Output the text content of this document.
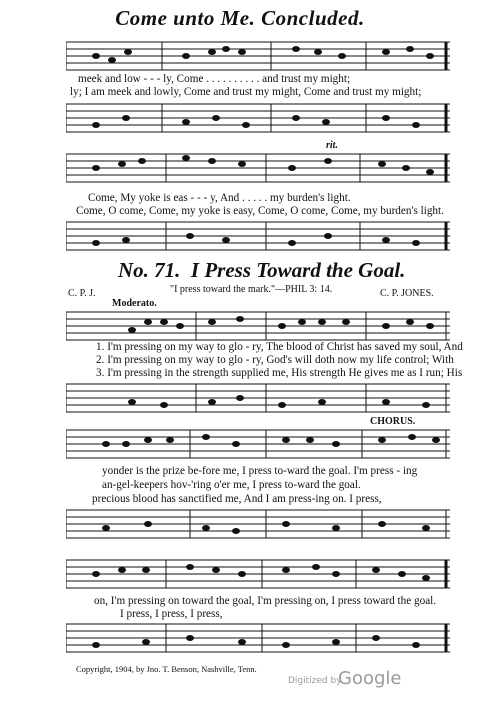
Come unto Me. Concluded.
meek and low - - - ly, Come . . . . . . . . . . and trust my might;
ly; I am meek and lowly, Come and trust my might, Come and trust my might;
rit.
Come, My yoke is eas - - - y, And . . . . . my burden's light.
Come, O come, Come, my yoke is easy, Come, O come, Come, my burden's light.
No. 71. I Press Toward the Goal.
"I press toward the mark."—PHIL 3: 14.
C. P. J.	C. P. JONES.
Moderato.
1. I'm pressing on my way to glo - ry, The blood of Christ has saved my soul, And
2. I'm pressing on my way to glo - ry, God's will doth now my life control; With
3. I'm pressing in the strength supplied me, His strength He gives me as I run; His
CHORUS.
yonder is the prize be-fore me, I press to-ward the goal. I'm press - ing
an-gel-keepers hov-'ring o'er me, I press to-ward the goal.
precious blood has sanctified me, And I am press-ing on. I press,
on, I'm pressing on toward the goal, I'm pressing on, I press toward the goal.
I press, I press, I press,
Copyright, 1904, by Jno. T. Benson, Nashville, Tenn.
Digitized by
Google
